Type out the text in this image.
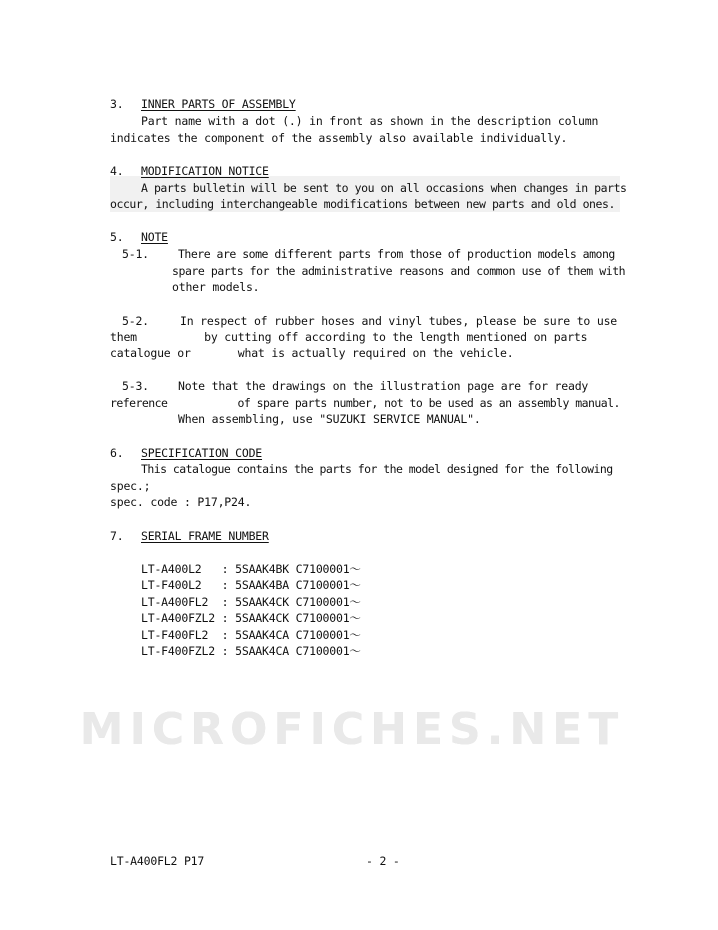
MICROFICHES.NET
3. INNER PARTS OF ASSEMBLY
Part name with a dot (.) in front as shown in the description column
indicates the component of the assembly also available individually.
4. MODIFICATION NOTICE
A parts bulletin will be sent to you on all occasions when changes in parts
occur, including interchangeable modifications between new parts and old ones.
5. NOTE
5-1.	There are some different parts from those of production models among
spare parts for the administrative reasons and common use of them with
other models.
5-2.	In respect of rubber hoses and vinyl tubes, please be sure to use
them          by cutting off according to the length mentioned on parts
catalogue or       what is actually required on the vehicle.
5-3.	Note that the drawings on the illustration page are for ready
reference           of spare parts number, not to be used as an assembly manual.
When assembling, use "SUZUKI SERVICE MANUAL".
6. SPECIFICATION CODE
This catalogue contains the parts for the model designed for the following
spec.;
spec. code : P17,P24.
7. SERIAL FRAME NUMBER
LT-A400L2   : 5SAAK4BK C7100001～
LT-F400L2   : 5SAAK4BA C7100001～
LT-A400FL2  : 5SAAK4CK C7100001～
LT-A400FZL2 : 5SAAK4CK C7100001～
LT-F400FL2  : 5SAAK4CA C7100001～
LT-F400FZL2 : 5SAAK4CA C7100001～
LT-A400FL2 P17	- 2 -
